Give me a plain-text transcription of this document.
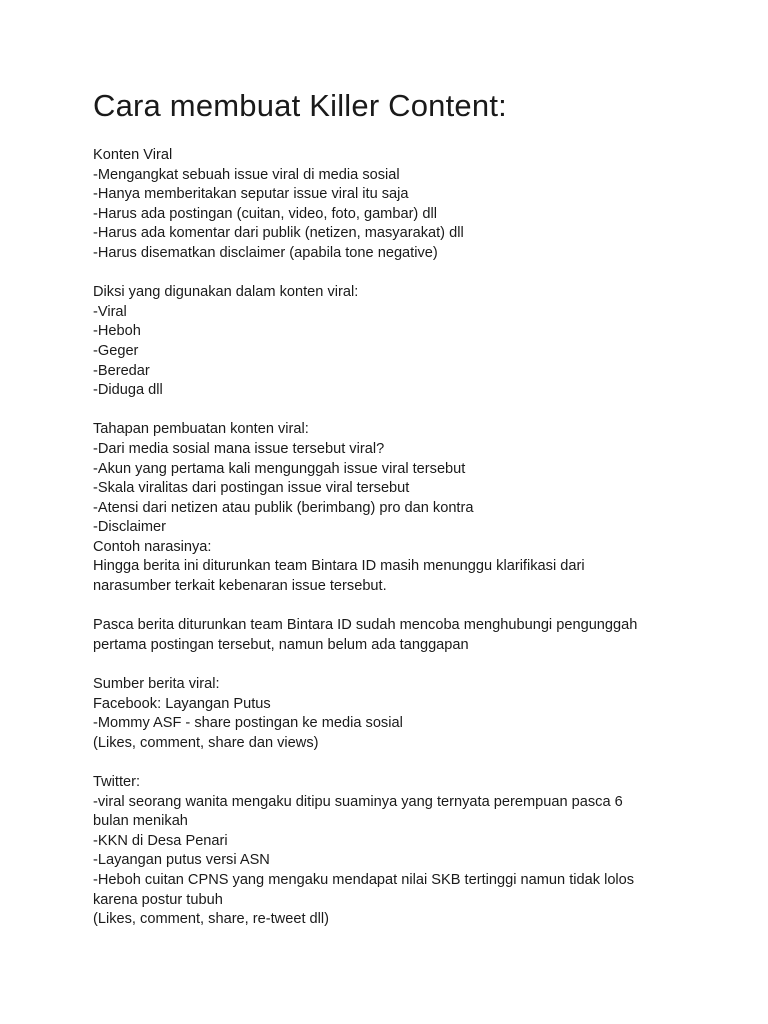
Cara membuat Killer Content:
Konten Viral
-Mengangkat sebuah issue viral di media sosial
-Hanya memberitakan seputar issue viral itu saja
-Harus ada postingan (cuitan, video, foto, gambar) dll
-Harus ada komentar dari publik (netizen, masyarakat) dll
-Harus disematkan disclaimer (apabila tone negative)
Diksi yang digunakan dalam konten viral:
-Viral
-Heboh
-Geger
-Beredar
-Diduga dll
Tahapan pembuatan konten viral:
-Dari media sosial mana issue tersebut viral?
-Akun yang pertama kali mengunggah issue viral tersebut
-Skala viralitas dari postingan issue viral tersebut
-Atensi dari netizen atau publik (berimbang) pro dan kontra
-Disclaimer
Contoh narasinya:
Hingga berita ini diturunkan team Bintara ID masih menunggu klarifikasi dari
narasumber terkait kebenaran issue tersebut.
Pasca berita diturunkan team Bintara ID sudah mencoba menghubungi pengunggah
pertama postingan tersebut, namun belum ada tanggapan
Sumber berita viral:
Facebook: Layangan Putus
-Mommy ASF - share postingan ke media sosial
(Likes, comment, share dan views)
Twitter:
-viral seorang wanita mengaku ditipu suaminya yang ternyata perempuan pasca 6
bulan menikah
-KKN di Desa Penari
-Layangan putus versi ASN
-Heboh cuitan CPNS yang mengaku mendapat nilai SKB tertinggi namun tidak lolos
karena postur tubuh
(Likes, comment, share, re-tweet dll)
